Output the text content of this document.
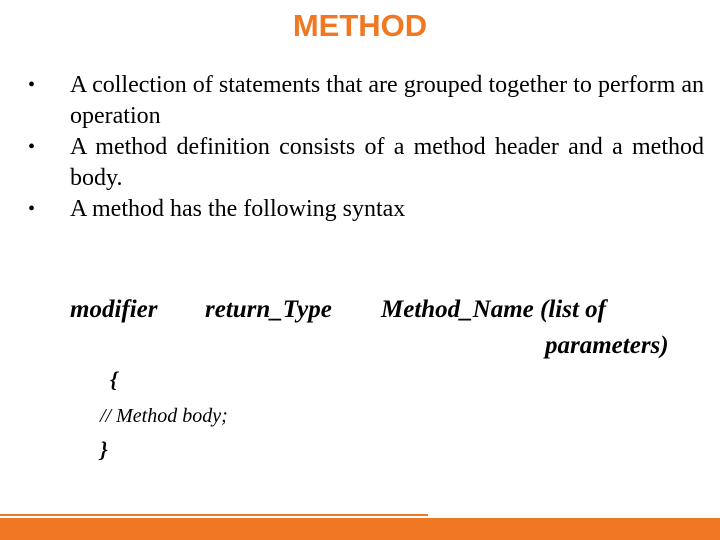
METHOD
•	A collection of statements that are grouped together to perform an operation
•	A method definition consists of a method header and a method body.
•	A method has the following syntax
modifier return_Type Method_Name (list of
parameters)
{
// Method body;
}
